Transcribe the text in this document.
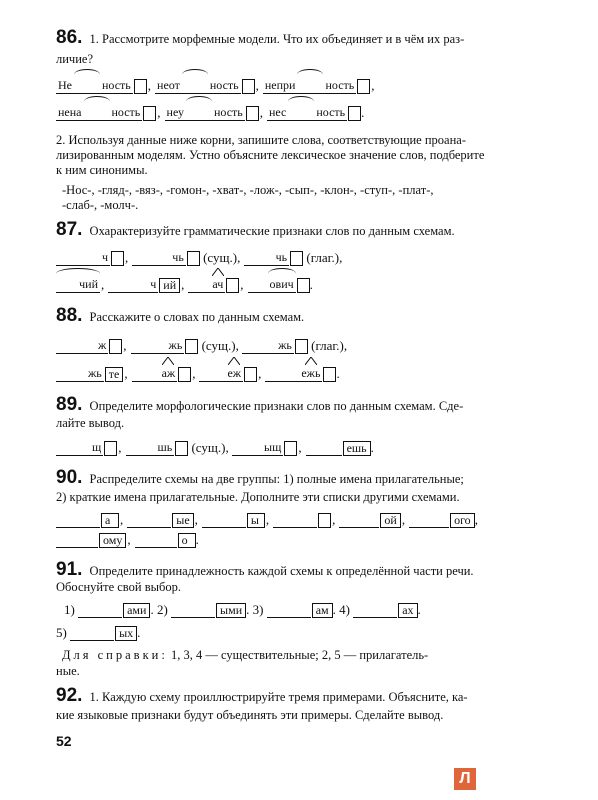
86. 1. Рассмотрите морфемные модели. Что их объединяет и в чём их раз-
личие?
Не
	ность , неот
	ность , непри
	ность ,
нена
	ность , неу
	ность , нес
	ность .
2. Используя данные ниже корни, запишите слова, соответствующие проана-
лизированным моделям. Устно объясните лексическое значение слов, подберите
к ним синонимы.
-Нос-, -гляд-, -вяз-, -гомон-, -хват-, -лож-, -сып-, -клон-, -ступ-, -плат-,
-слаб-, -молч-.
87. Охарактеризуйте грамматические признаки слов по данным схемам.
ч ,	чь
(сущ.),
	чь
(глаг.),
чий ,	ч ий , ач , ович .
88. Расскажите о словах по данным схемам.
ж ,	жь
(сущ.),
	жь
(глаг.),
жь те ,	аж ,	еж ,	ежь .
89. Определите морфологические признаки слов по данным схемам. Сде-
лайте вывод.
щ ,	шь
(сущ.),
	ыщ ,	ешь .
90. Распределите схемы на две группы: 1) полные имена прилагательные;
2) краткие имена прилагательные. Дополните эти списки другими схемами.
а ,	ые ,	ы ,	,	ой ,	ого ,
ому ,	о .
91. Определите принадлежность каждой схемы к определённой части речи.
Обоснуйте свой выбор.
1)
	ами . 2)
	ыми . 3)
	ам . 4)
	ах .
5)
	ых .
Для справки: 1, 3, 4 — существительные; 2, 5 — прилагатель-
ные.
92. 1. Каждую схему проиллюстрируйте тремя примерами. Объясните, ка-
кие языковые признаки будут объединять эти примеры. Сделайте вывод.
52
Л
